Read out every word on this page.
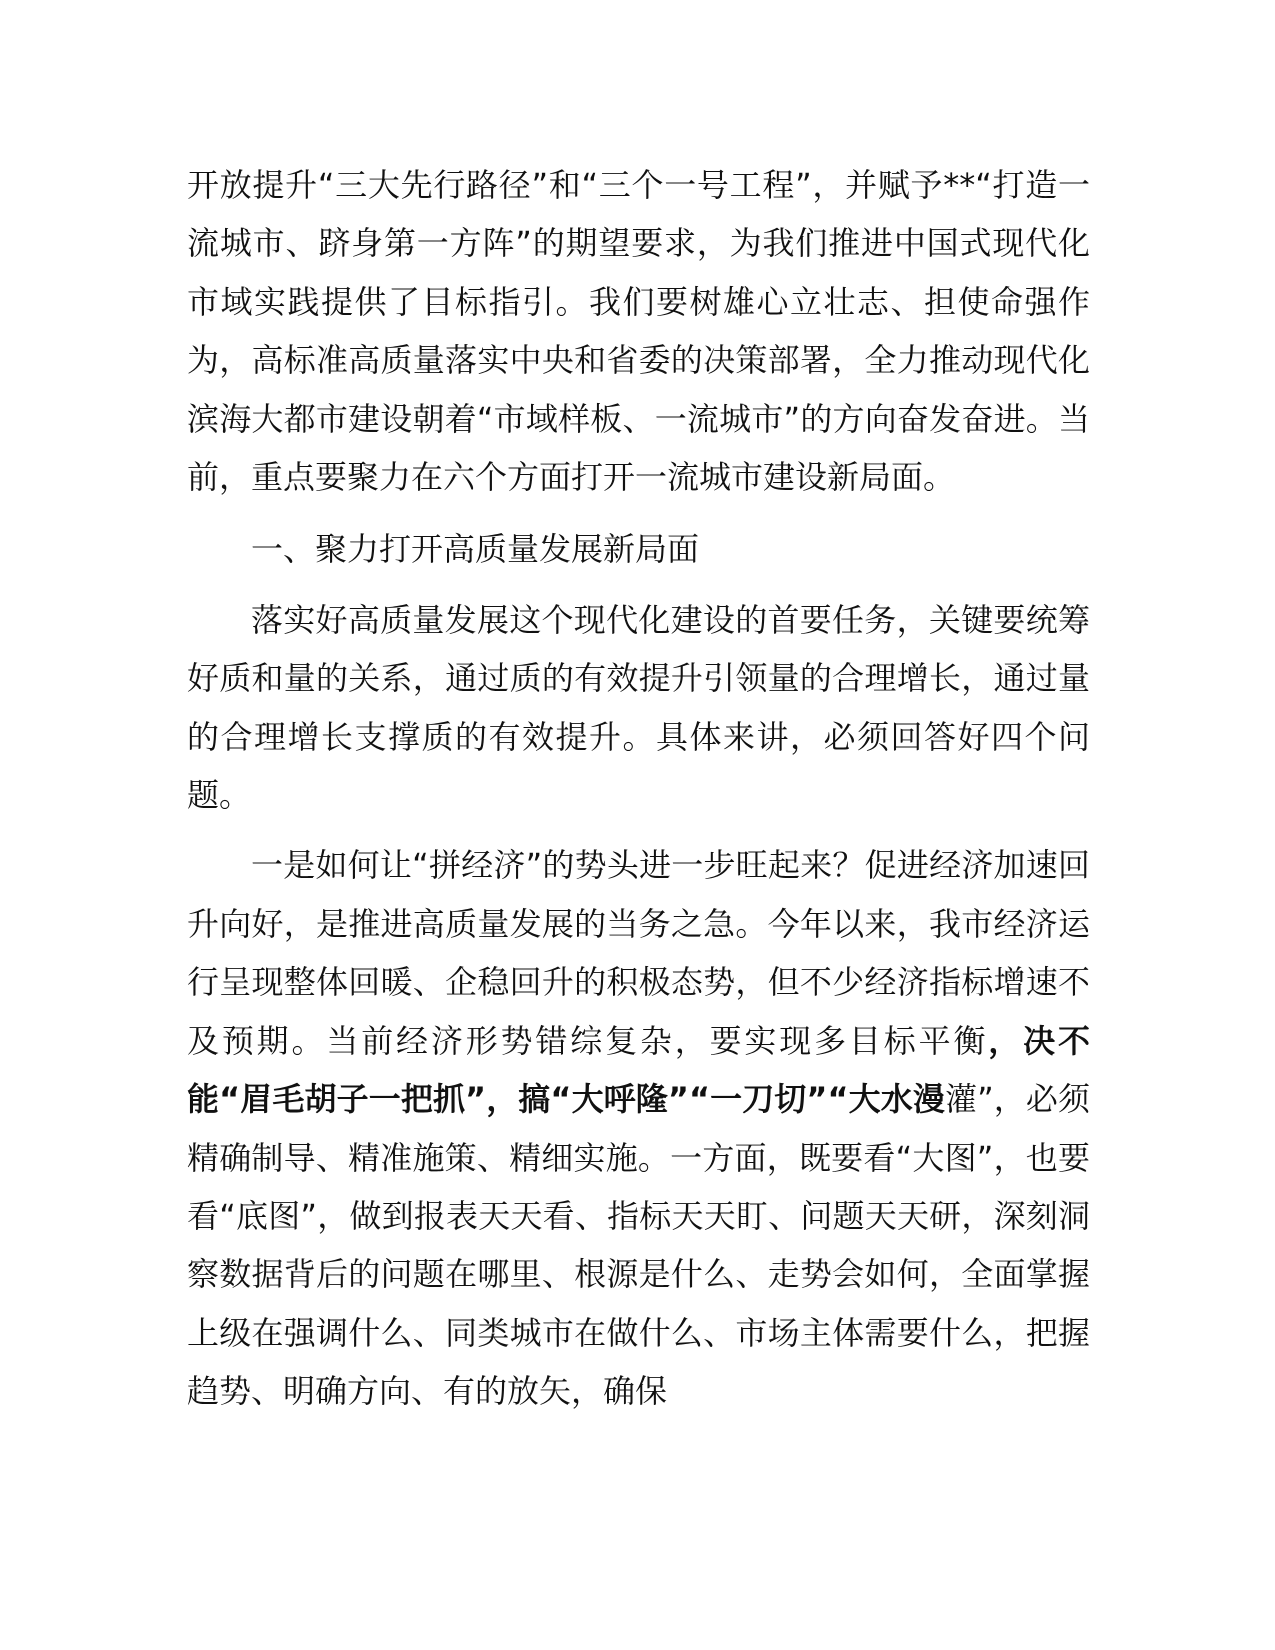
开放提升“三大先行路径”和“三个一号工程”，并赋予**“打造一流城市、跻身第一方阵”的期望要求，为我们推进中国式现代化市域实践提供了目标指引。我们要树雄心立壮志、担使命强作为，高标准高质量落实中央和省委的决策部署，全力推动现代化滨海大都市建设朝着“市域样板、一流城市”的方向奋发奋进。当前，重点要聚力在六个方面打开一流城市建设新局面。

一、聚力打开高质量发展新局面

落实好高质量发展这个现代化建设的首要任务，关键要统筹好质和量的关系，通过质的有效提升引领量的合理增长，通过量的合理增长支撑质的有效提升。具体来讲，必须回答好四个问题。

一是如何让“拼经济”的势头进一步旺起来？促进经济加速回升向好，是推进高质量发展的当务之急。今年以来，我市经济运行呈现整体回暖、企稳回升的积极态势，但不少经济指标增速不及预期。当前经济形势错综复杂，要实现多目标平衡，决不能“眉毛胡子一把抓”，搞“大呼隆”“一刀切”“大水漫灌”，必须精确制导、精准施策、精细实施。一方面，既要看“大图”，也要看“底图”，做到报表天天看、指标天天盯、问题天天研，深刻洞察数据背后的问题在哪里、根源是什么、走势会如何，全面掌握上级在强调什么、同类城市在做什么、市场主体需要什么，把握趋势、明确方向、有的放矢，确保
